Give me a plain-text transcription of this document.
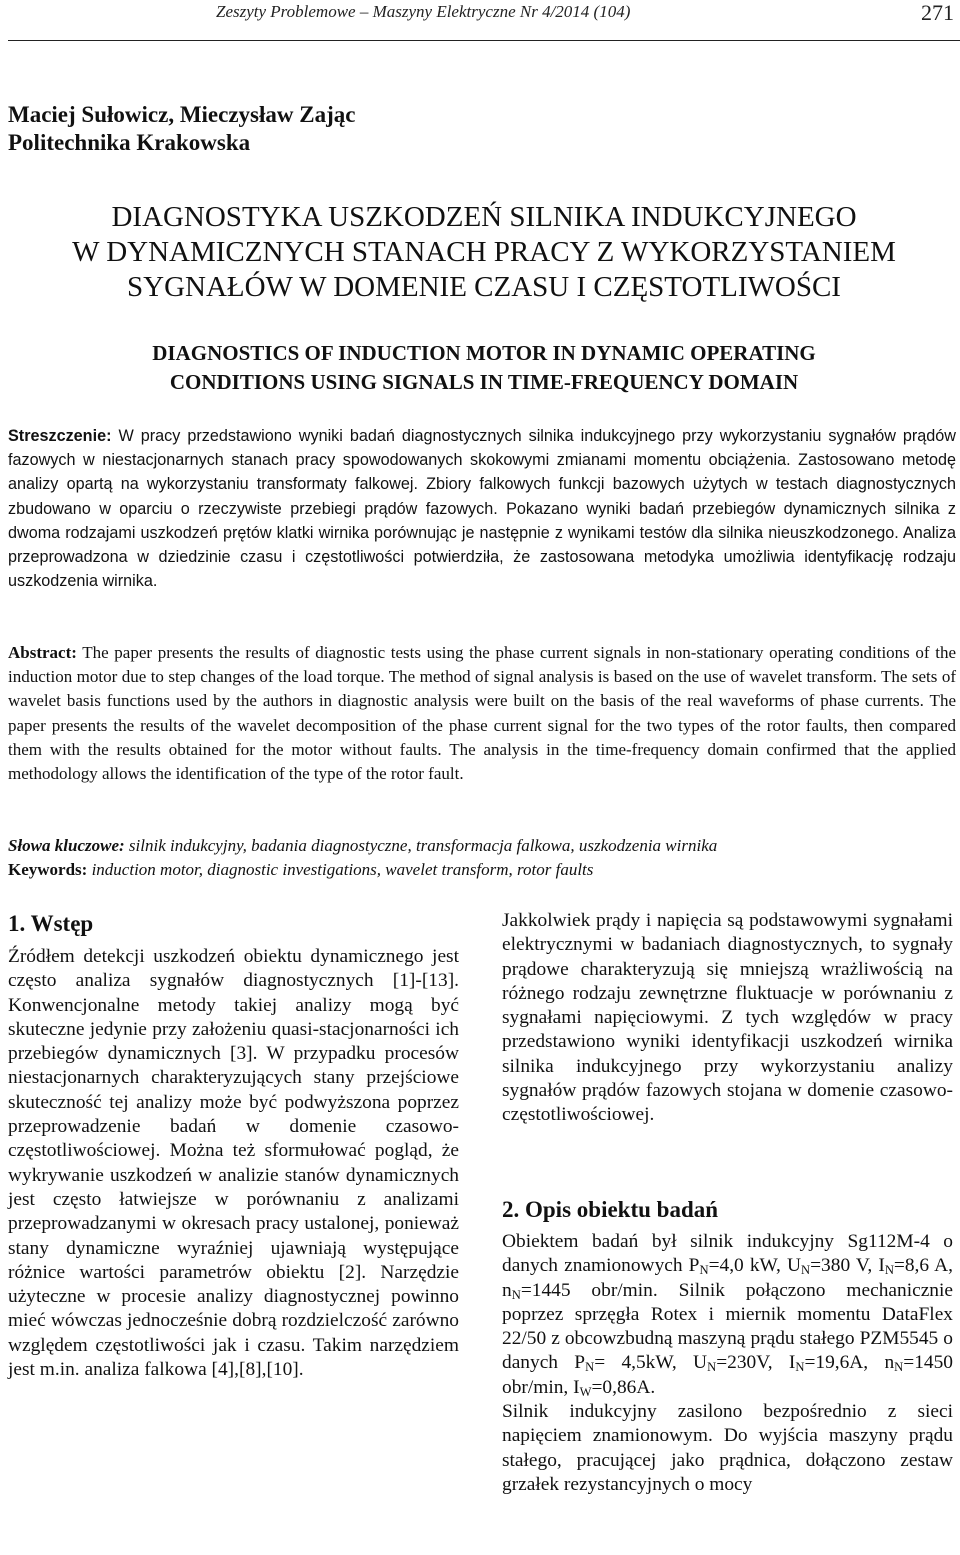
Zeszyty Problemowe – Maszyny Elektryczne Nr 4/2014 (104)	271
Maciej Sułowicz, Mieczysław Zając
Politechnika Krakowska
DIAGNOSTYKA USZKODZEŃ SILNIKA INDUKCYJNEGO
W DYNAMICZNYCH STANACH PRACY Z WYKORZYSTANIEM
SYGNAŁÓW W DOMENIE CZASU I CZĘSTOTLIWOŚCI
DIAGNOSTICS OF INDUCTION MOTOR IN DYNAMIC OPERATING
CONDITIONS USING SIGNALS IN TIME-FREQUENCY DOMAIN
Streszczenie: W pracy przedstawiono wyniki badań diagnostycznych silnika indukcyjnego przy wykorzystaniu sygnałów prądów fazowych w niestacjonarnych stanach pracy spowodowanych skokowymi zmianami momentu obciążenia. Zastosowano metodę analizy opartą na wykorzystaniu transformaty falkowej. Zbiory falkowych funkcji bazowych użytych w testach diagnostycznych zbudowano w oparciu o rzeczywiste przebiegi prądów fazowych. Pokazano wyniki badań przebiegów dynamicznych silnika z dwoma rodzajami uszkodzeń prętów klatki wirnika porównując je następnie z wynikami testów dla silnika nieuszkodzonego. Analiza przeprowadzona w dziedzinie czasu i częstotliwości potwierdziła, że zastosowana metodyka umożliwia identyfikację rodzaju uszkodzenia wirnika.
Abstract: The paper presents the results of diagnostic tests using the phase current signals in non-stationary operating conditions of the induction motor due to step changes of the load torque. The method of signal analysis is based on the use of wavelet transform. The sets of wavelet basis functions used by the authors in diagnostic analysis were built on the basis of the real waveforms of phase currents. The paper presents the results of the wavelet decomposition of the phase current signal for the two types of the rotor faults, then compared them with the results obtained for the motor without faults. The analysis in the time-frequency domain confirmed that the applied methodology allows the identification of the type of the rotor fault.
Słowa kluczowe: silnik indukcyjny, badania diagnostyczne, transformacja falkowa, uszkodzenia wirnika
Keywords: induction motor, diagnostic investigations, wavelet transform, rotor faults
1. Wstęp
Źródłem detekcji uszkodzeń obiektu dynamicznego jest często analiza sygnałów diagnostycznych [1]-[13]. Konwencjonalne metody takiej analizy mogą być skuteczne jedynie przy założeniu quasi-stacjonarności ich przebiegów dynamicznych [3]. W przypadku procesów niestacjonarnych charakteryzujących stany przejściowe skuteczność tej analizy może być podwyższona poprzez przeprowadzenie badań w domenie czasowo-częstotliwościowej. Można też sformułować pogląd, że wykrywanie uszkodzeń w analizie stanów dynamicznych jest często łatwiejsze w porównaniu z analizami przeprowadzanymi w okresach pracy ustalonej, ponieważ stany dynamiczne wyraźniej ujawniają występujące różnice wartości parametrów obiektu [2]. Narzędzie użyteczne w procesie analizy diagnostycznej powinno mieć wówczas jednocześnie dobrą rozdzielczość zarówno względem częstotliwości jak i czasu. Takim narzędziem jest m.in. analiza falkowa [4],[8],[10].
Jakkolwiek prądy i napięcia są podstawowymi sygnałami elektrycznymi w badaniach diagnostycznych, to sygnały prądowe charakteryzują się mniejszą wrażliwością na różnego rodzaju zewnętrzne fluktuacje w porównaniu z sygnałami napięciowymi. Z tych względów w pracy przedstawiono wyniki identyfikacji uszkodzeń wirnika silnika indukcyjnego przy wykorzystaniu analizy sygnałów prądów fazowych stojana w domenie czasowo-częstotliwościowej.
2. Opis obiektu badań
Obiektem badań był silnik indukcyjny Sg112M-4 o danych znamionowych $P_N=4,0$ kW, $U_N=380$ V, $I_N=8,6$ A, $n_N=1445$ obr/min. Silnik połączono mechanicznie poprzez sprzęgła Rotex i miernik momentu DataFlex 22/50 z obcowzbudną maszyną prądu stałego PZM5545 o danych $P_N= 4,5kW$, $U_N=230V$, $I_N=19,6A$, $n_N=1450$ obr/min, $I_W=0,86A$.
Silnik indukcyjny zasilono bezpośrednio z sieci napięciem znamionowym. Do wyjścia maszyny prądu stałego, pracującej jako prądnica, dołączono zestaw grzałek rezystancyjnych o mocy
